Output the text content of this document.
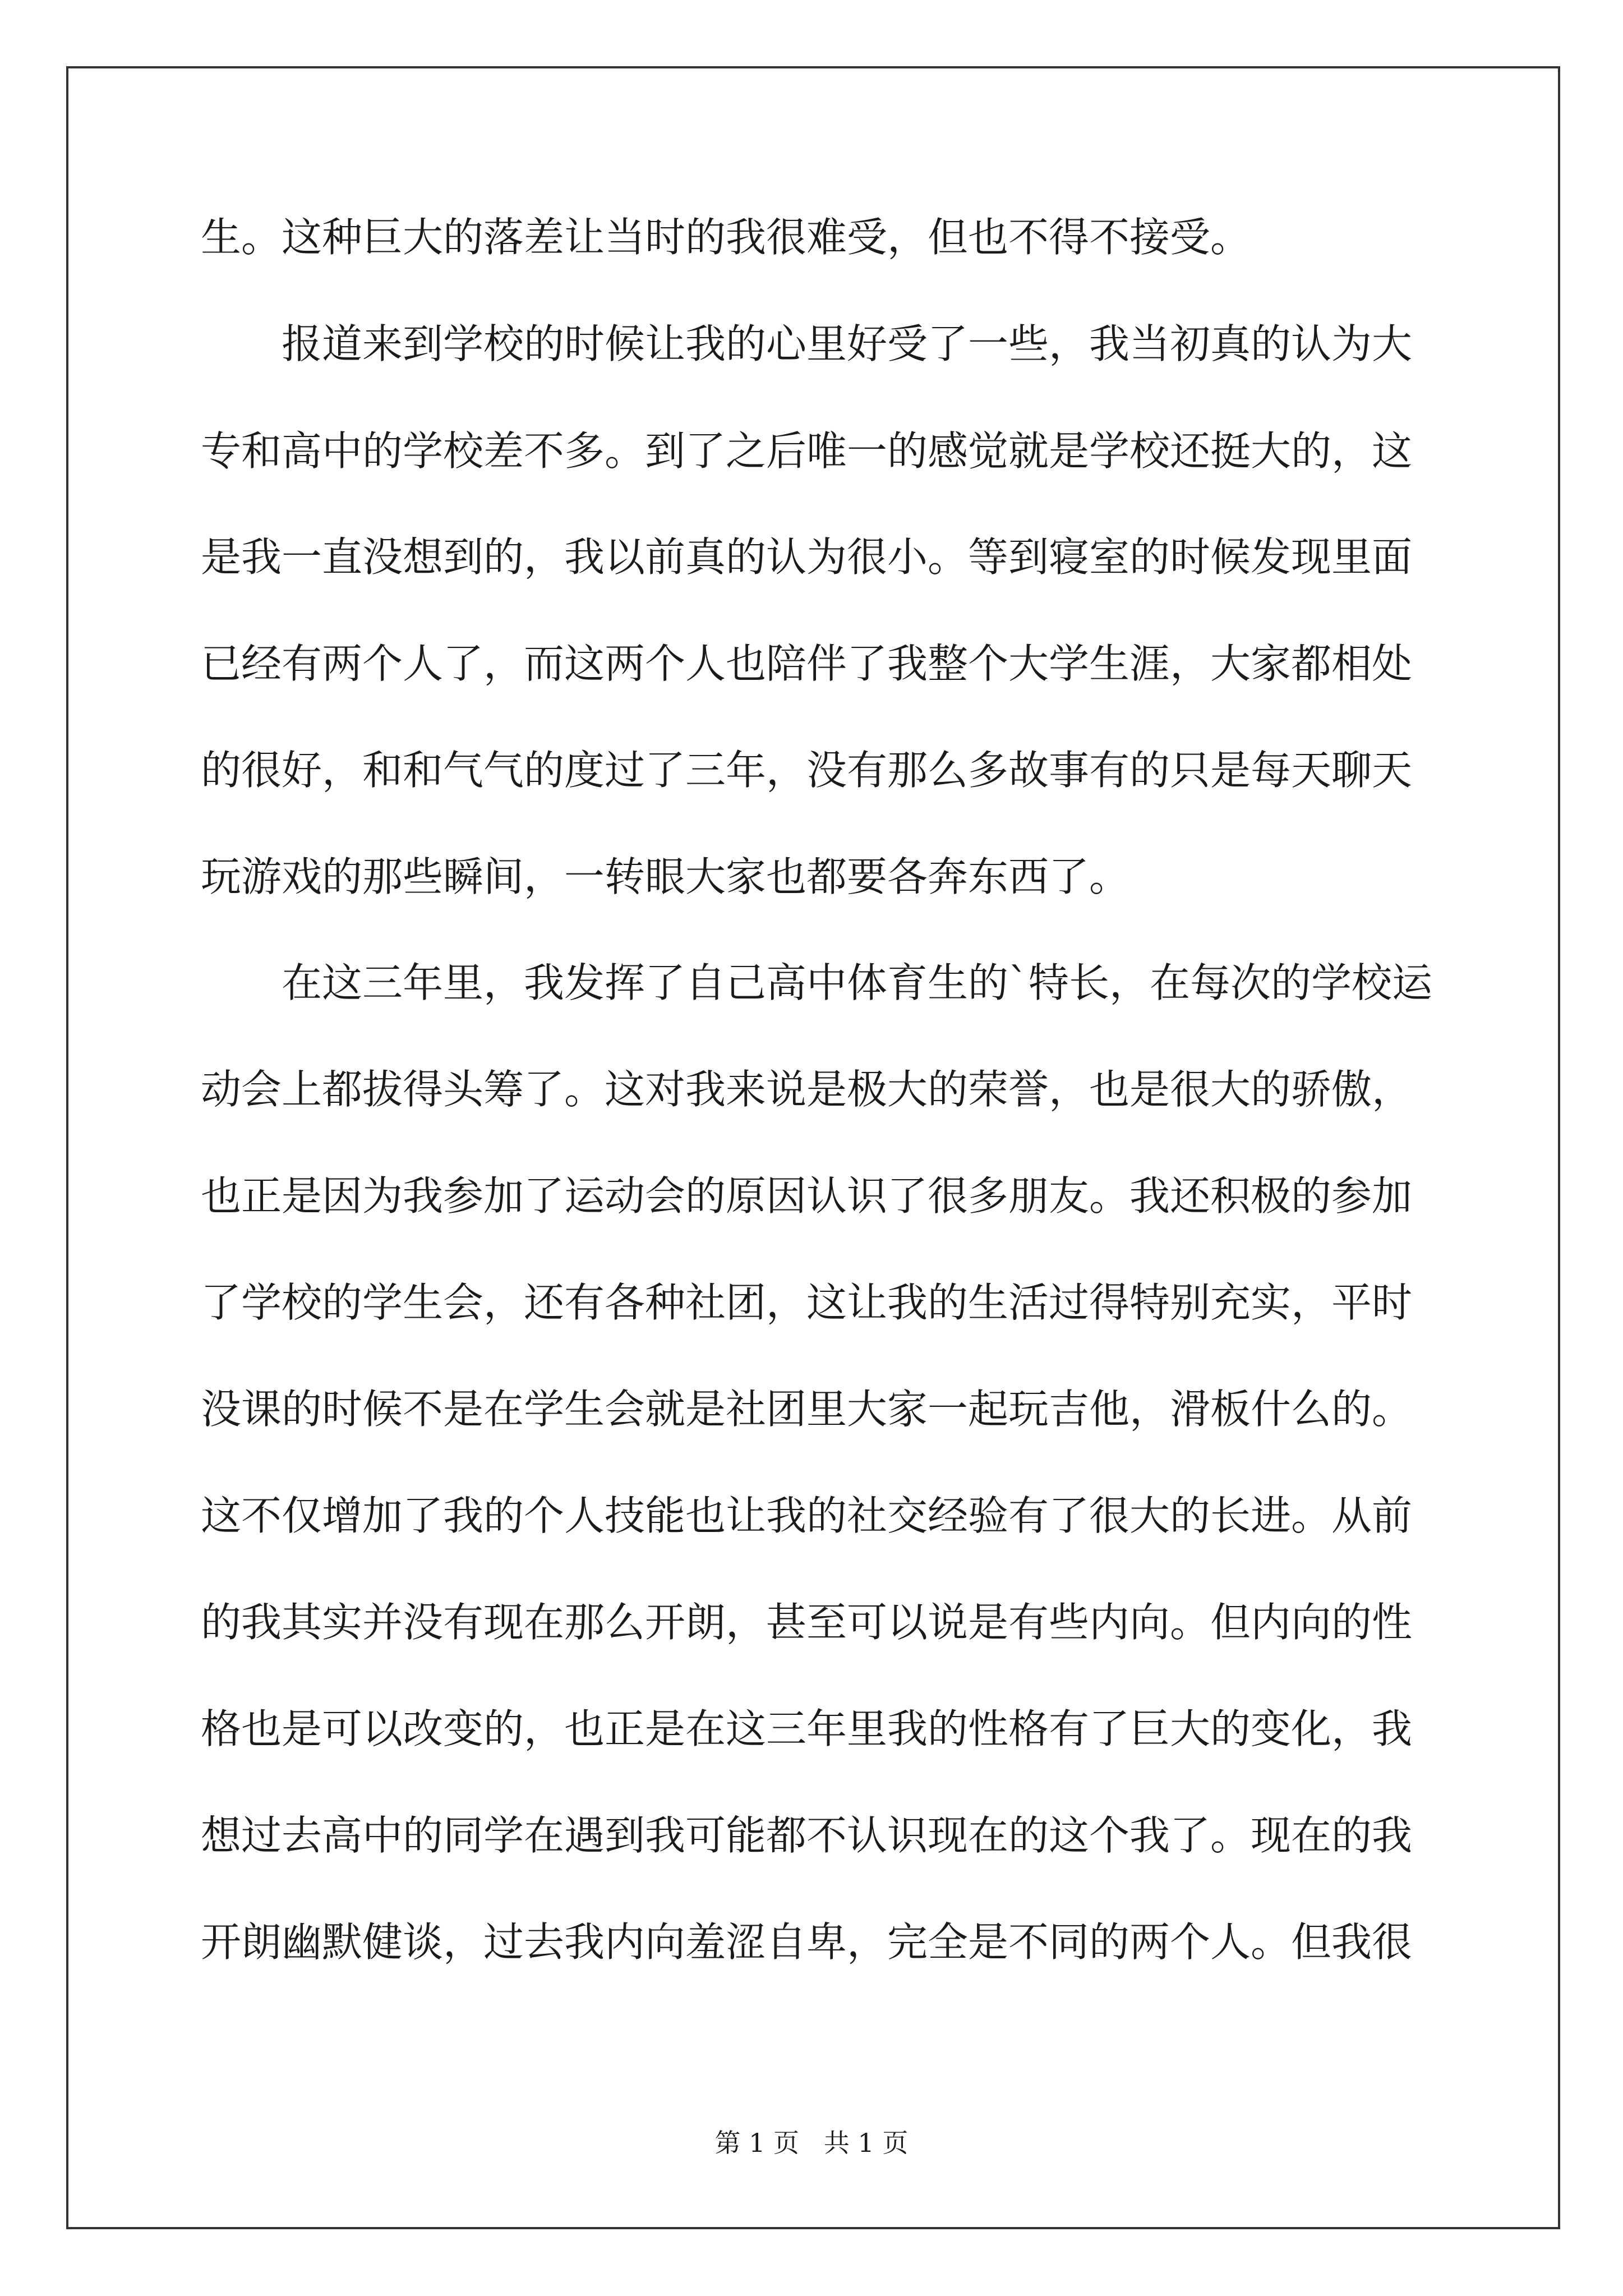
生。这种巨大的落差让当时的我很难受，但也不得不接受。

　　报道来到学校的时候让我的心里好受了一些，我当初真的认为大

专和高中的学校差不多。到了之后唯一的感觉就是学校还挺大的，这

是我一直没想到的，我以前真的认为很小。等到寝室的时候发现里面

已经有两个人了，而这两个人也陪伴了我整个大学生涯，大家都相处

的很好，和和气气的度过了三年，没有那么多故事有的只是每天聊天

玩游戏的那些瞬间，一转眼大家也都要各奔东西了。

　　在这三年里，我发挥了自己高中体育生的`特长，在每次的学校运

动会上都拔得头筹了。这对我来说是极大的荣誉，也是很大的骄傲，

也正是因为我参加了运动会的原因认识了很多朋友。我还积极的参加

了学校的学生会，还有各种社团，这让我的生活过得特别充实，平时

没课的时候不是在学生会就是社团里大家一起玩吉他，滑板什么的。

这不仅增加了我的个人技能也让我的社交经验有了很大的长进。从前

的我其实并没有现在那么开朗，甚至可以说是有些内向。但内向的性

格也是可以改变的，也正是在这三年里我的性格有了巨大的变化，我

想过去高中的同学在遇到我可能都不认识现在的这个我了。现在的我

开朗幽默健谈，过去我内向羞涩自卑，完全是不同的两个人。但我很

第 1 页   共 1 页
